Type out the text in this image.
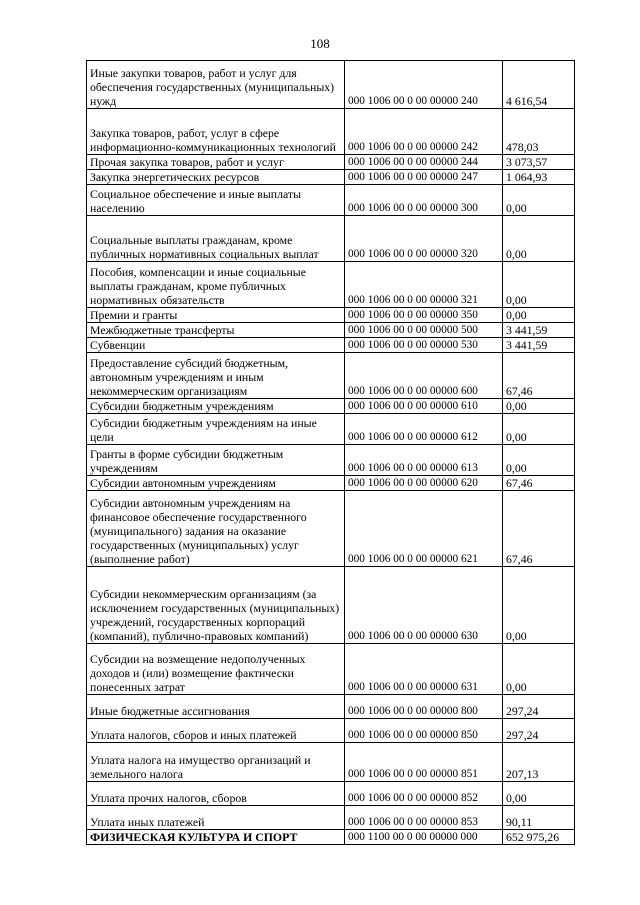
108
Иные закупки товаров, работ и услуг для обеспечения государственных (муниципальных) нужд	000 1006 00 0 00 00000 240	4 616,54
Закупка товаров, работ, услуг в сфере информационно-коммуникационных технологий	000 1006 00 0 00 00000 242	478,03
Прочая закупка товаров, работ и услуг	000 1006 00 0 00 00000 244	3 073,57
Закупка энергетических ресурсов	000 1006 00 0 00 00000 247	1 064,93
Социальное обеспечение и иные выплаты населению	000 1006 00 0 00 00000 300	0,00
Социальные выплаты гражданам, кроме публичных нормативных социальных выплат	000 1006 00 0 00 00000 320	0,00
Пособия, компенсации и иные социальные выплаты гражданам, кроме публичных нормативных обязательств	000 1006 00 0 00 00000 321	0,00
Премии и гранты	000 1006 00 0 00 00000 350	0,00
Межбюджетные трансферты	000 1006 00 0 00 00000 500	3 441,59
Субвенции	000 1006 00 0 00 00000 530	3 441,59
Предоставление субсидий бюджетным, автономным учреждениям и иным некоммерческим организациям	000 1006 00 0 00 00000 600	67,46
Субсидии бюджетным учреждениям	000 1006 00 0 00 00000 610	0,00
Субсидии бюджетным учреждениям на иные цели	000 1006 00 0 00 00000 612	0,00
Гранты в форме субсидии бюджетным учреждениям	000 1006 00 0 00 00000 613	0,00
Субсидии автономным учреждениям	000 1006 00 0 00 00000 620	67,46
Субсидии автономным учреждениям на финансовое обеспечение государственного (муниципального) задания на оказание государственных (муниципальных) услуг (выполнение работ)	000 1006 00 0 00 00000 621	67,46
Субсидии некоммерческим организациям (за исключением государственных (муниципальных) учреждений, государственных корпораций (компаний), публично-правовых компаний)	000 1006 00 0 00 00000 630	0,00
Субсидии на возмещение недополученных доходов и (или) возмещение фактически понесенных затрат	000 1006 00 0 00 00000 631	0,00
Иные бюджетные ассигнования	000 1006 00 0 00 00000 800	297,24
Уплата налогов, сборов и иных платежей	000 1006 00 0 00 00000 850	297,24
Уплата налога на имущество организаций и земельного налога	000 1006 00 0 00 00000 851	207,13
Уплата прочих налогов, сборов	000 1006 00 0 00 00000 852	0,00
Уплата иных платежей	000 1006 00 0 00 00000 853	90,11
ФИЗИЧЕСКАЯ КУЛЬТУРА И СПОРТ	000 1100 00 0 00 00000 000	652 975,26
